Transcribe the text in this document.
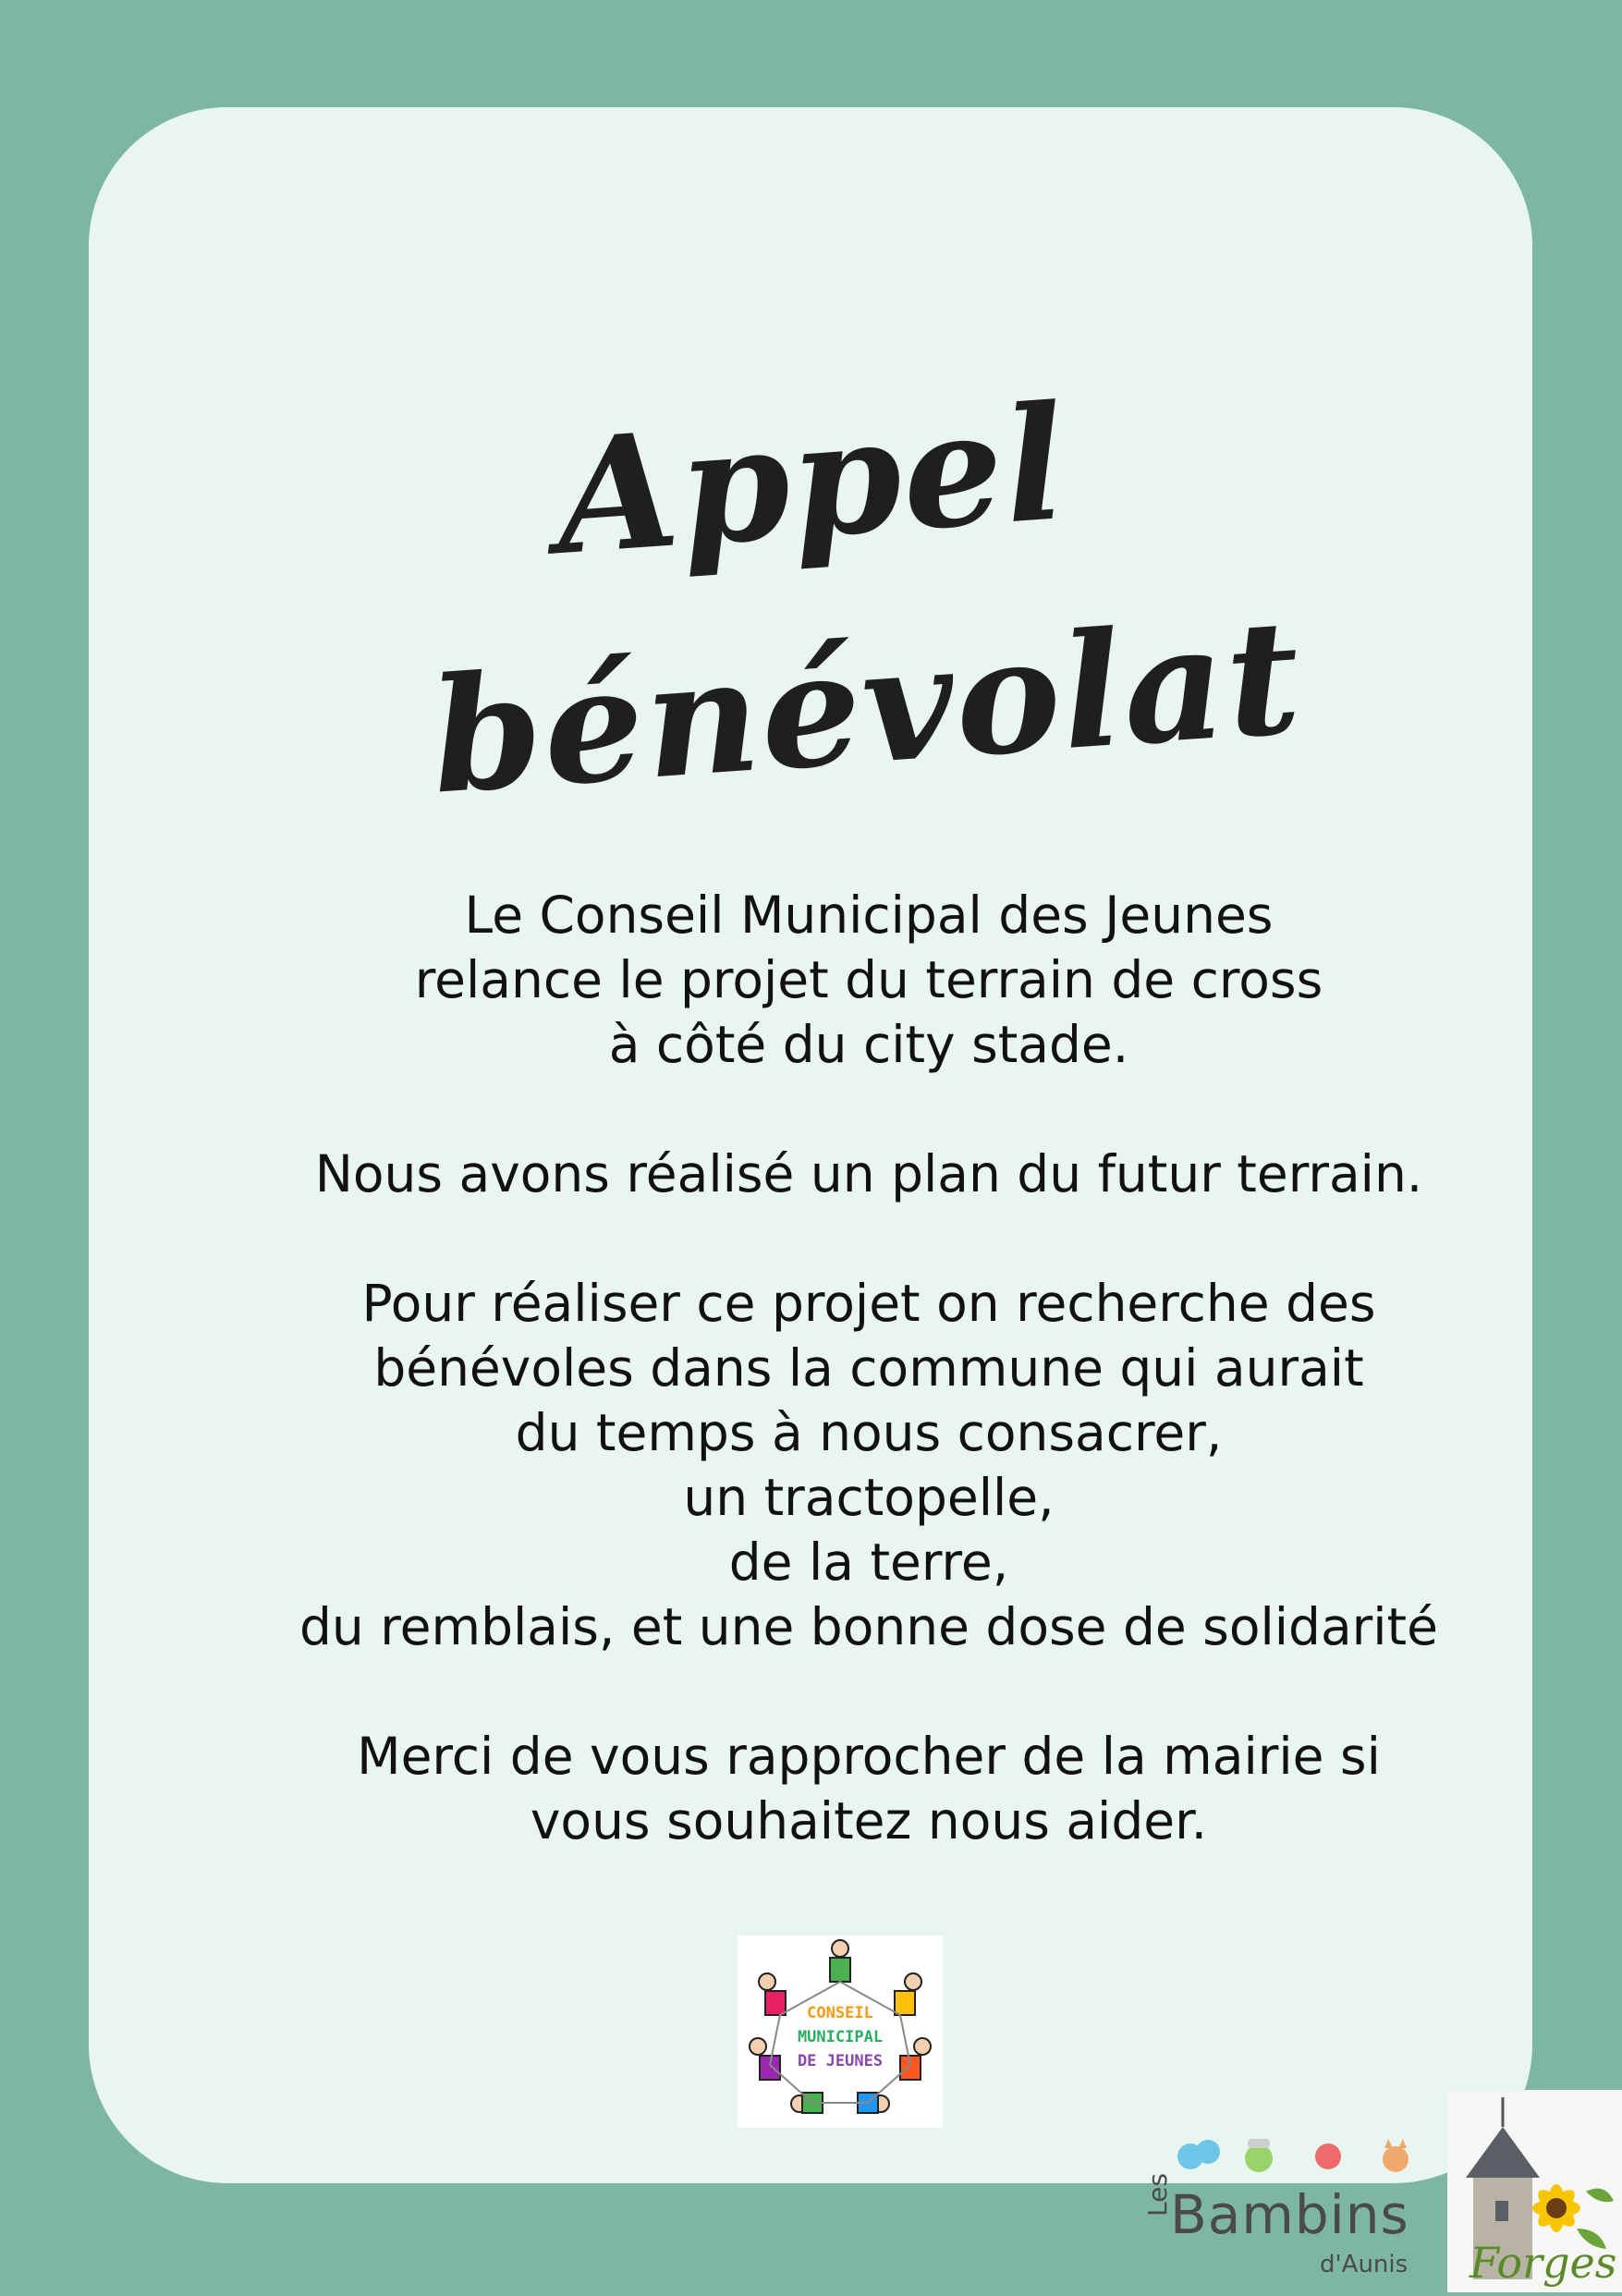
Appel
bénévolat

Le Conseil Municipal des Jeunes
relance le projet du terrain de cross
à côté du city stade.

Nous avons réalisé un plan du futur terrain.

Pour réaliser ce projet on recherche des
bénévoles dans la commune qui aurait
du temps à nous consacrer,
un tractopelle,
de la terre,
du remblais, et une bonne dose de solidarité

Merci de vous rapprocher de la mairie si
vous souhaitez nous aider.

CONSEIL
MUNICIPAL
DE JEUNES
Les
Bambins
d'Aunis Forges
